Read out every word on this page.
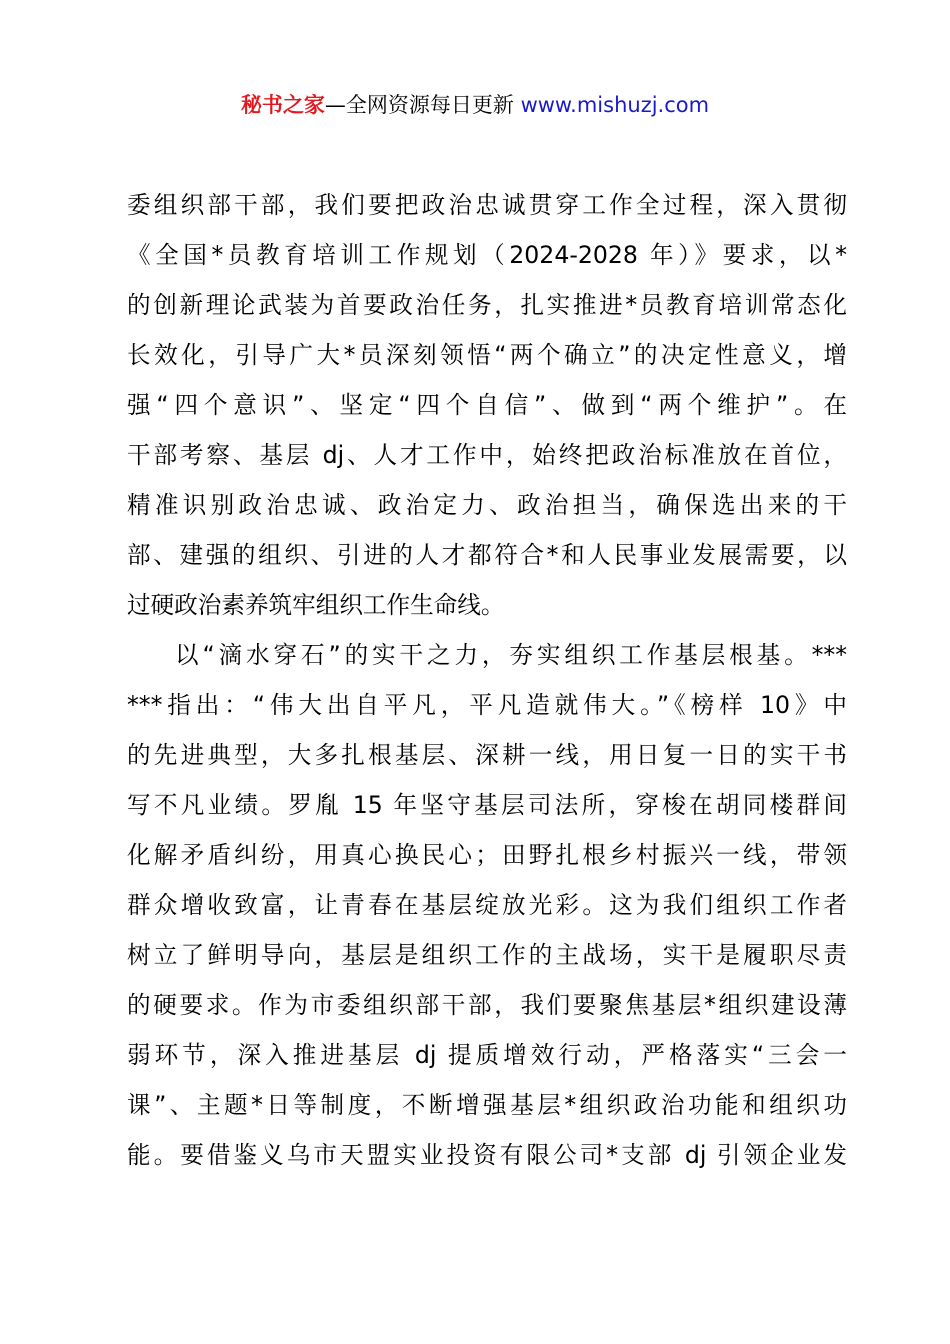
秘书之家—全网资源每日更新 www.mishuzj.com
委组织部干部，我们要把政治忠诚贯穿工作全过程，深入贯彻
《全国*员教育培训工作规划（2024-2028 年）》要求，以*
的创新理论武装为首要政治任务，扎实推进*员教育培训常态化
长效化，引导广大*员深刻领悟“两个确立”的决定性意义，增
强“四个意识”、坚定“四个自信”、做到“两个维护”。在
干部考察、基层 dj、人才工作中，始终把政治标准放在首位，
精准识别政治忠诚、政治定力、政治担当，确保选出来的干
部、建强的组织、引进的人才都符合*和人民事业发展需要，以
过硬政治素养筑牢组织工作生命线。
以“滴水穿石”的实干之力，夯实组织工作基层根基。***
***指出：“伟大出自平凡，平凡造就伟大。”《榜样 10》中
的先进典型，大多扎根基层、深耕一线，用日复一日的实干书
写不凡业绩。罗胤 15 年坚守基层司法所，穿梭在胡同楼群间
化解矛盾纠纷，用真心换民心；田野扎根乡村振兴一线，带领
群众增收致富，让青春在基层绽放光彩。这为我们组织工作者
树立了鲜明导向，基层是组织工作的主战场，实干是履职尽责
的硬要求。作为市委组织部干部，我们要聚焦基层*组织建设薄
弱环节，深入推进基层 dj 提质增效行动，严格落实“三会一
课”、主题*日等制度，不断增强基层*组织政治功能和组织功
能。要借鉴义乌市天盟实业投资有限公司*支部 dj 引领企业发
